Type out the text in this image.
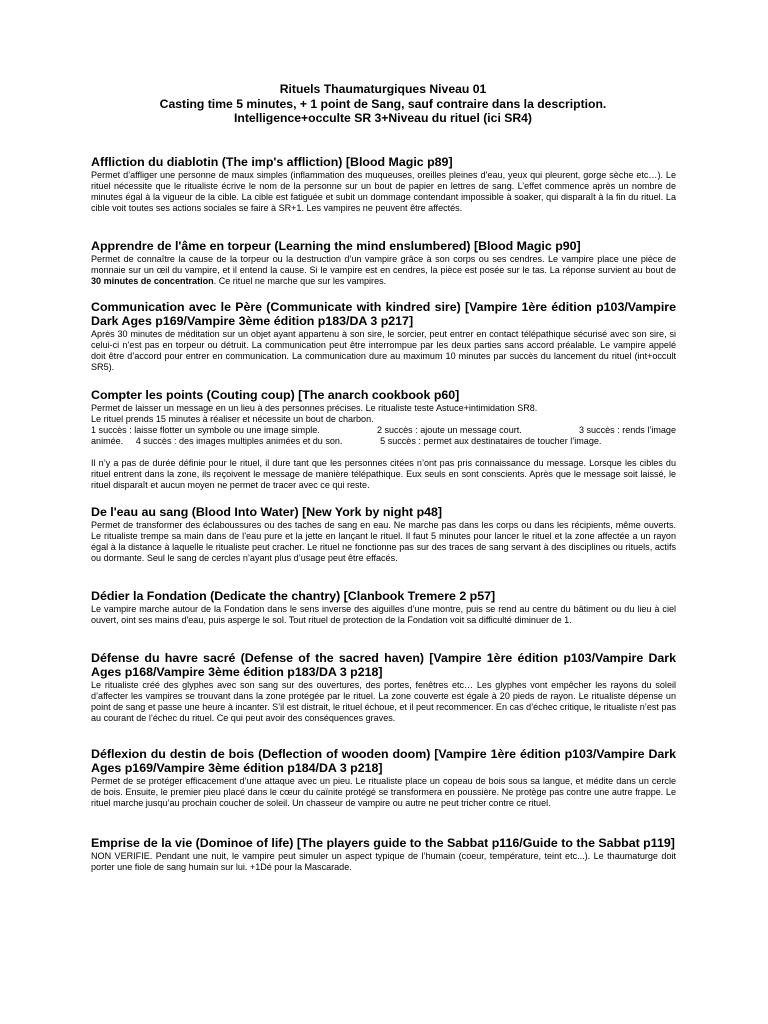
Rituels Thaumaturgiques Niveau 01
Casting time 5 minutes, + 1 point de Sang, sauf contraire dans la description.
Intelligence+occulte SR 3+Niveau du rituel (ici SR4)
Affliction du diablotin (The imp's affliction) [Blood Magic p89]
Permet d’affliger une personne de maux simples (inflammation des muqueuses, oreilles pleines d’eau, yeux qui pleurent, gorge sèche etc…). Le rituel nécessite que le ritualiste écrive le nom de la personne sur un bout de papier en lettres de sang. L’effet commence après un nombre de minutes égal à la vigueur de la cible. La cible est fatiguée et subit un dommage contendant impossible à soaker, qui disparaît à la fin du rituel. La cible voit toutes ses actions sociales se faire à SR+1. Les vampires ne peuvent être affectés.
Apprendre de l'âme en torpeur (Learning the mind enslumbered) [Blood Magic p90]
Permet de connaître la cause de la torpeur ou la destruction d’un vampire grâce à son corps ou ses cendres. Le vampire place une pièce de monnaie sur un œil du vampire, et il entend la cause. Si le vampire est en cendres, la pièce est posée sur le tas. La réponse survient au bout de 30 minutes de concentration. Ce rituel ne marche que sur les vampires.
Communication avec le Père (Communicate with kindred sire) [Vampire 1ère édition p103/Vampire Dark Ages p169/Vampire 3ème édition p183/DA 3 p217]
Après 30 minutes de méditation sur un objet ayant appartenu à son sire, le sorcier, peut entrer en contact télépathique sécurisé avec son sire, si celui-ci n’est pas en torpeur ou détruit. La communication peut être interrompue par les deux parties sans accord préalable. Le vampire appelé doit être d’accord pour entrer en communication. La communication dure au maximum 10 minutes par succès du lancement du rituel (int+occult SR5).
Compter les points (Couting coup) [The anarch cookbook p60]

Permet de laisser un message en un lieu à des personnes précises. Le ritualiste teste Astuce+intimidation SR8.

Le rituel prends 15 minutes à réaliser et nécessite un bout de charbon.

1 succès : laisse flotter un symbole ou une image simple.	2 succès : ajoute un message court.	3 succès : rends l’image
animée. 4 succès : des images multiples animées et du son.	5 succès : permet aux destinataires de toucher l’image.

Il n’y a pas de durée définie pour le rituel, il dure tant que les personnes citées n’ont pas pris connaissance du message. Lorsque les cibles du rituel entrent dans la zone, ils reçoivent le message de manière télépathique. Eux seuls en sont conscients. Après que le message soit laissé, le rituel disparaît et aucun moyen ne permet de tracer avec ce qui reste.

De l'eau au sang (Blood Into Water) [New York by night p48]
Permet de transformer des éclaboussures ou des taches de sang en eau. Ne marche pas dans les corps ou dans les récipients, même ouverts. Le ritualiste trempe sa main dans de l’eau pure et la jette en lançant le rituel. Il faut 5 minutes pour lancer le rituel et la zone affectée a un rayon égal à la distance à laquelle le ritualiste peut cracher. Le rituel ne fonctionne pas sur des traces de sang servant à des disciplines ou rituels, actifs ou dormante. Seul le sang de cercles n’ayant plus d’usage peut être effacés.
Dédier la Fondation (Dedicate the chantry) [Clanbook Tremere 2 p57]
Le vampire marche autour de la Fondation dans le sens inverse des aiguilles d’une montre, puis se rend au centre du bâtiment ou du lieu à ciel ouvert, oint ses mains d'eau, puis asperge le sol. Tout rituel de protection de la Fondation voit sa difficulté diminuer de 1.
Défense du havre sacré (Defense of the sacred haven) [Vampire 1ère édition p103/Vampire Dark Ages p168/Vampire 3ème édition p183/DA 3 p218]
Le ritualiste créé des glyphes avec son sang sur des ouvertures, des portes, fenêtres etc… Les glyphes vont empêcher les rayons du soleil d’affecter les vampires se trouvant dans la zone protégée par le rituel. La zone couverte est égale à 20 pieds de rayon. Le ritualiste dépense un point de sang et passe une heure à incanter. S’il est distrait, le rituel échoue, et il peut recommencer. En cas d’échec critique, le ritualiste n’est pas au courant de l’échec du rituel. Ce qui peut avoir des conséquences graves.
Déflexion du destin de bois (Deflection of wooden doom) [Vampire 1ère édition p103/Vampire Dark Ages p169/Vampire 3ème édition p184/DA 3 p218]
Permet de se protéger efficacement d’une attaque avec un pieu. Le ritualiste place un copeau de bois sous sa langue, et médite dans un cercle de bois. Ensuite, le premier pieu placé dans le cœur du caïnite protégé se transformera en poussière. Ne protège pas contre une autre frappe. Le rituel marche jusqu’au prochain coucher de soleil. Un chasseur de vampire ou autre ne peut tricher contre ce rituel.
Emprise de la vie (Dominoe of life) [The players guide to the Sabbat p116/Guide to the Sabbat p119]
NON VERIFIE. Pendant une nuit, le vampire peut simuler un aspect typique de l’humain (coeur, température, teint etc...). Le thaumaturge doit porter une fiole de sang humain sur lui. +1Dé pour la Mascarade.
